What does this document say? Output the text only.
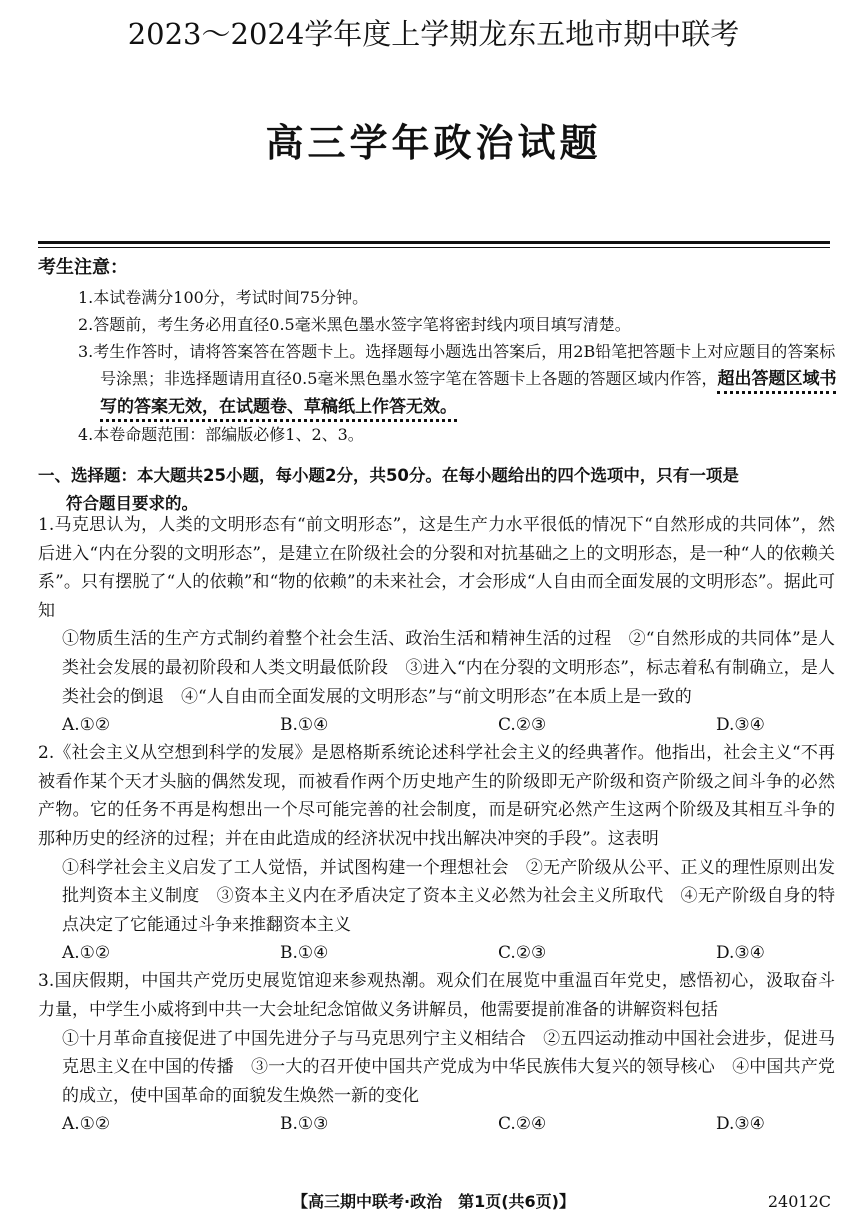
2023～2024学年度上学期龙东五地市期中联考
高三学年政治试题
考生注意：
1.本试卷满分100分，考试时间75分钟。
2.答题前，考生务必用直径0.5毫米黑色墨水签字笔将密封线内项目填写清楚。
3.考生作答时，请将答案答在答题卡上。选择题每小题选出答案后，用2B铅笔把答题卡上对应题目的答案标号涂黑；非选择题请用直径0.5毫米黑色墨水签字笔在答题卡上各题的答题区域内作答，超出答题区域书写的答案无效，在试题卷、草稿纸上作答无效。
4.本卷命题范围：部编版必修1、2、3。
一、选择题：本大题共25小题，每小题2分，共50分。在每小题给出的四个选项中，只有一项是
符合题目要求的。
1.马克思认为，人类的文明形态有“前文明形态”，这是生产力水平很低的情况下“自然形成的共同体”，然后进入“内在分裂的文明形态”，是建立在阶级社会的分裂和对抗基础之上的文明形态，是一种“人的依赖关系”。只有摆脱了“人的依赖”和“物的依赖”的未来社会，才会形成“人自由而全面发展的文明形态”。据此可知
①物质生活的生产方式制约着整个社会生活、政治生活和精神生活的过程　②“自然形成的共同体”是人类社会发展的最初阶段和人类文明最低阶段　③进入“内在分裂的文明形态”，标志着私有制确立，是人类社会的倒退　④“人自由而全面发展的文明形态”与“前文明形态”在本质上是一致的
A.①②	B.①④	C.②③	D.③④
2.《社会主义从空想到科学的发展》是恩格斯系统论述科学社会主义的经典著作。他指出，社会主义“不再被看作某个天才头脑的偶然发现，而被看作两个历史地产生的阶级即无产阶级和资产阶级之间斗争的必然产物。它的任务不再是构想出一个尽可能完善的社会制度，而是研究必然产生这两个阶级及其相互斗争的那种历史的经济的过程；并在由此造成的经济状况中找出解决冲突的手段”。这表明
①科学社会主义启发了工人觉悟，并试图构建一个理想社会　②无产阶级从公平、正义的理性原则出发批判资本主义制度　③资本主义内在矛盾决定了资本主义必然为社会主义所取代　④无产阶级自身的特点决定了它能通过斗争来推翻资本主义
A.①②	B.①④	C.②③	D.③④
3.国庆假期，中国共产党历史展览馆迎来参观热潮。观众们在展览中重温百年党史，感悟初心，汲取奋斗力量，中学生小威将到中共一大会址纪念馆做义务讲解员，他需要提前准备的讲解资料包括
①十月革命直接促进了中国先进分子与马克思列宁主义相结合　②五四运动推动中国社会进步，促进马克思主义在中国的传播　③一大的召开使中国共产党成为中华民族伟大复兴的领导核心　④中国共产党的成立，使中国革命的面貌发生焕然一新的变化
A.①②	B.①③	C.②④	D.③④
【高三期中联考·政治　第1页(共6页)】	24012C
